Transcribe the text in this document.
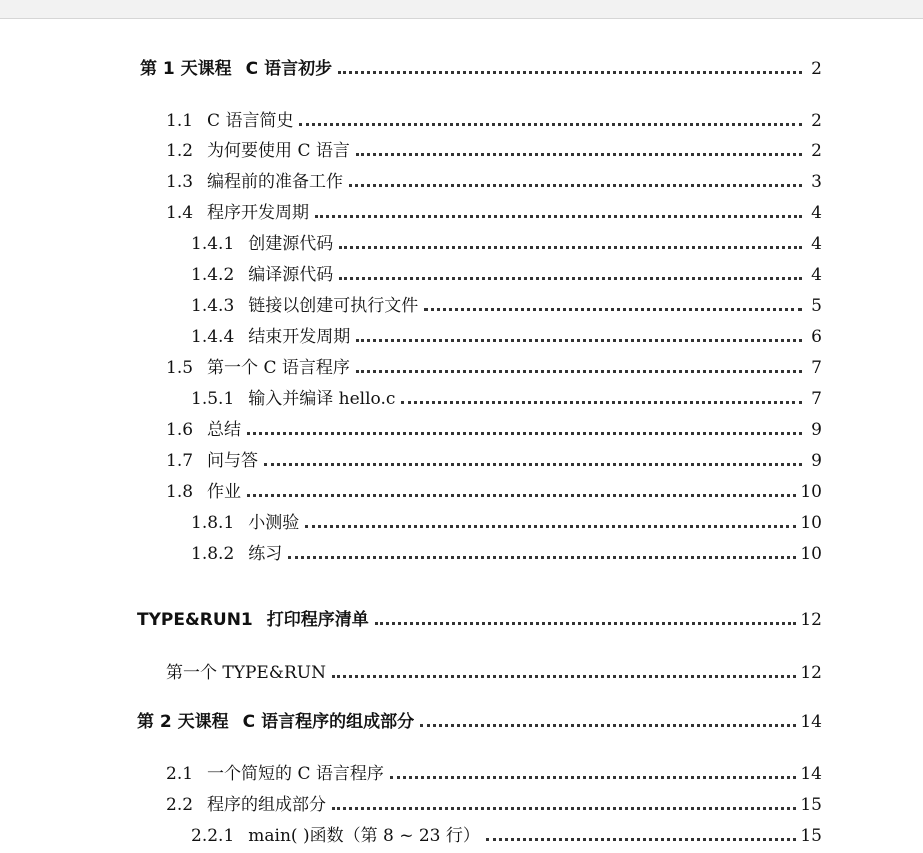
第 1 天课程 C 语言初步	2
1.1 C 语言简史	2
1.2 为何要使用 C 语言	2
1.3 编程前的准备工作	3
1.4 程序开发周期	4
1.4.1 创建源代码	4
1.4.2 编译源代码	4
1.4.3 链接以创建可执行文件	5
1.4.4 结束开发周期	6
1.5 第一个 C 语言程序	7
1.5.1 输入并编译 hello.c	7
1.6 总结	9
1.7 问与答	9
1.8 作业	10
1.8.1 小测验	10
1.8.2 练习	10
TYPE&RUN1 打印程序清单	12
第一个 TYPE&RUN	12
第 2 天课程 C 语言程序的组成部分	14
2.1 一个简短的 C 语言程序	14
2.2 程序的组成部分	15
2.2.1 main( )函数（第 8 ~ 23 行）	15
